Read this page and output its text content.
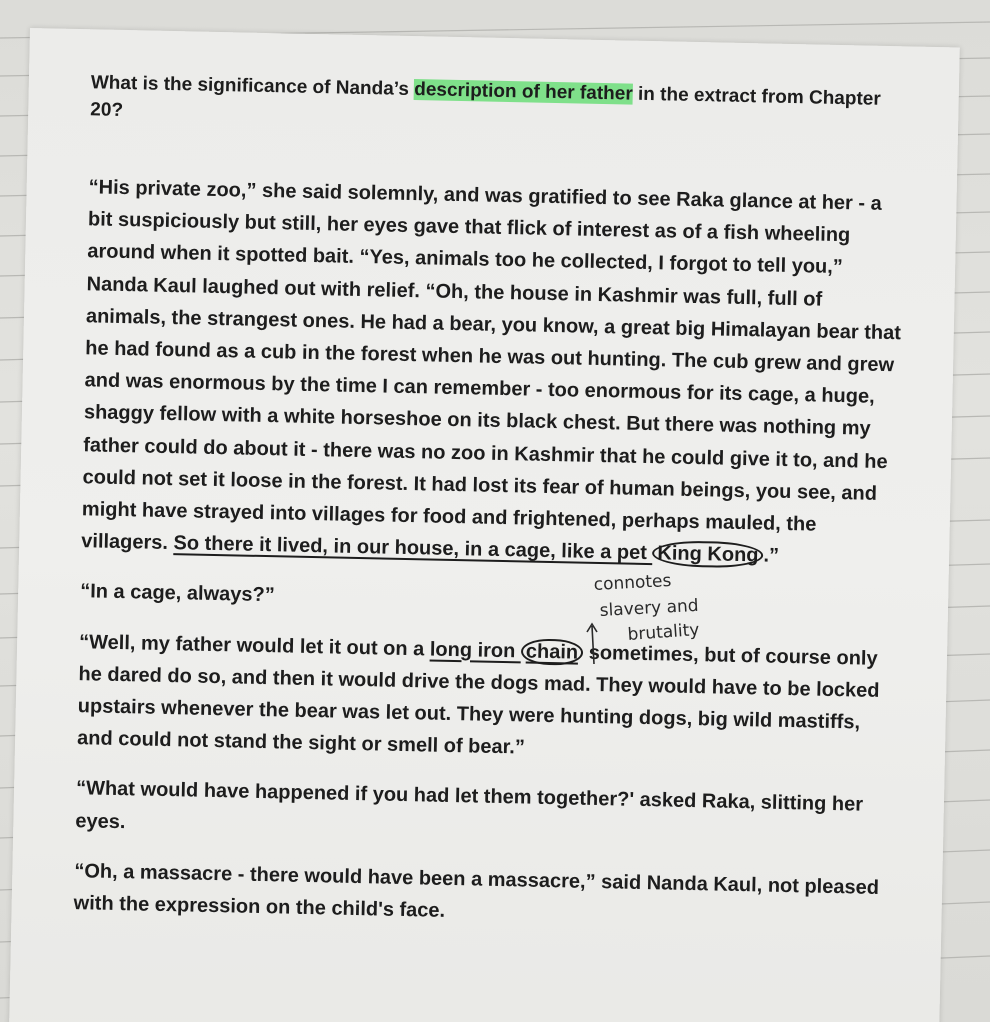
What is the significance of Nanda’s description of her father in the extract from Chapter 20?

“His private zoo,” she said solemnly, and was gratified to see Raka glance at her - a bit suspiciously but still, her eyes gave that flick of interest as of a fish wheeling around when it spotted bait. “Yes, animals too he collected, I forgot to tell you,” Nanda Kaul laughed out with relief. “Oh, the house in Kashmir was full, full of animals, the strangest ones. He had a bear, you know, a great big Himalayan bear that he had found as a cub in the forest when he was out hunting. The cub grew and grew and was enormous by the time I can remember - too enormous for its cage, a huge, shaggy fellow with a white horseshoe on its black chest. But there was nothing my father could do about it - there was no zoo in Kashmir that he could give it to, and he could not set it loose in the forest. It had lost its fear of human beings, you see, and might have strayed into villages for food and frightened, perhaps mauled, the villagers. So there it lived, in our house, in a cage, like a pet King Kong .”

“In a cage, always?”

“Well, my father would let it out on a long iron chain sometimes, but of course only he dared do so, and then it would drive the dogs mad. They would have to be locked upstairs whenever the bear was let out. They were hunting dogs, big wild mastiffs, and could not stand the sight or smell of bear.”

“What would have happened if you had let them together?' asked Raka, slitting her eyes.

“Oh, a massacre - there would have been a massacre,” said Nanda Kaul, not pleased with the expression on the child's face.

connotes
slavery and
brutality
